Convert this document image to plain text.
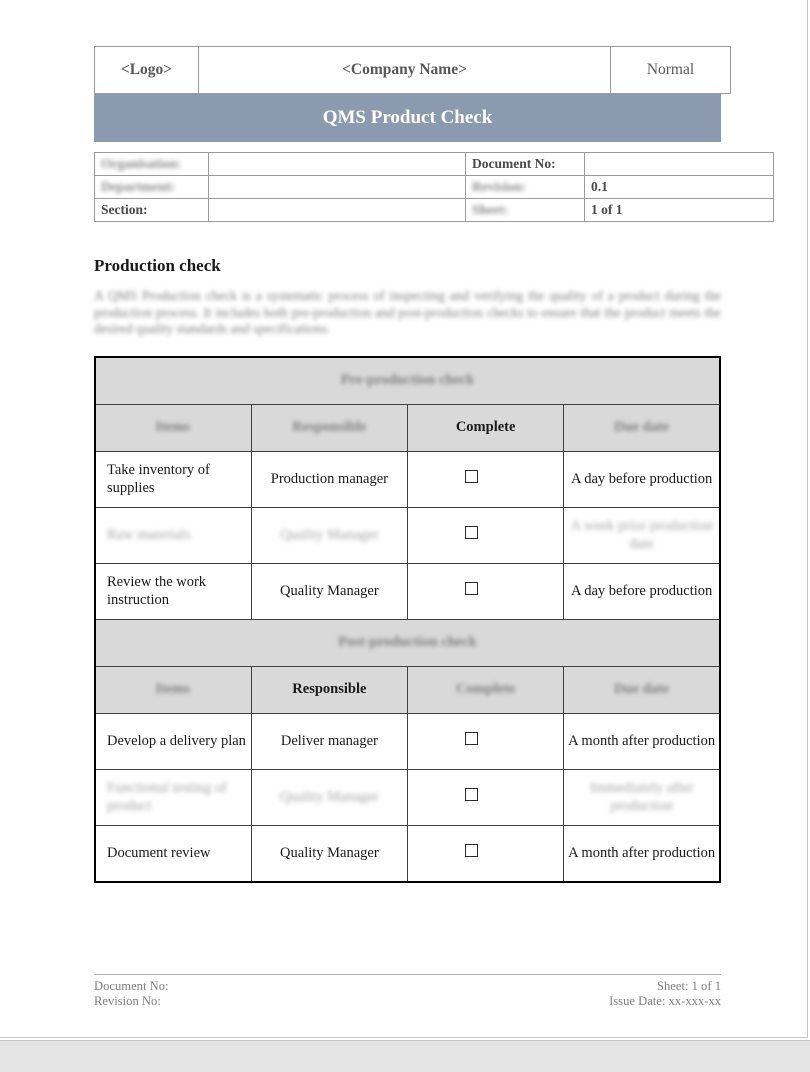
<Logo>	<Company Name>	Normal
QMS Product Check
Organisation:		Document No:	
Department:		Revision:	0.1
Section:		Sheet:	1 of 1
Production check
A QMS Production check is a systematic process of inspecting and verifying the quality of a product during the production process. It includes both pre-production and post-production checks to ensure that the product meets the desired quality standards and specifications.
Pre-production check			
Items	Responsible	Complete	Due date
Take inventory of supplies	Production manager		A day before production
Raw materials	Quality Manager		A week prior production date
Review the work instruction	Quality Manager		A day before production
Post-production check			
Items	Responsible	Complete	Due date
Develop a delivery plan	Deliver manager		A month after production
Functional testing of product	Quality Manager		Immediately after production
Document review	Quality Manager		A month after production
Document No:
Revision No:
Sheet: 1 of 1
Issue Date: xx-xxx-xx
